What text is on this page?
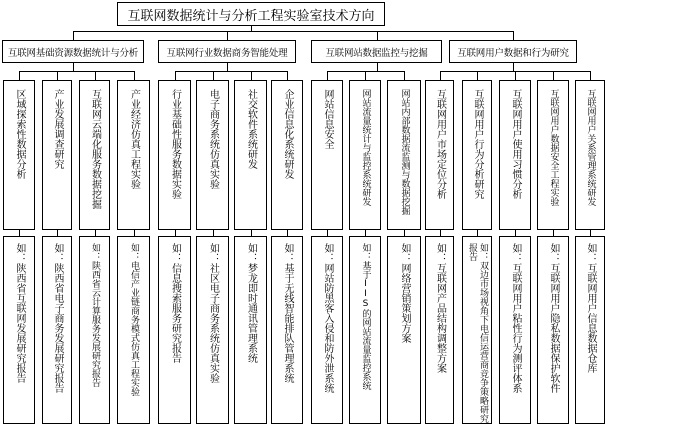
互联网数据统计与分析工程实验室技术方向
互联网基础资源数据统计与分析
区域探索性数据分析
如：陕西省互联网发展研究报告
产业发展调查研究
如：陕西省电子商务发展研究报告
互联网云端化服务数据挖掘
如：陕西省云计算服务发展研究报告
产业经济仿真工程实验
如：电信产业链商务模式仿真工程实验
互联网行业数据商务智能处理
行业基础性服务数据实验
如：信息搜索服务研究报告
电子商务系统仿真实验
如：社区电子商务系统仿真实验
社交软件系统研发
如：梦龙即时通讯管理系统
企业信息化系统研发
如：基于无线智能排队管理系统
互联网站数据监控与挖掘
网站信息安全
如：网站防黑客入侵和防外泄系统
网站流量统计与监控系统研发
如：基于IIS的网站流量监控系统
网站内部数据流监测与数据挖掘
如：网络营销策划方案
互联网用户数据和行为研究
互联网用户市场定位分析
如：互联网产品结构调整方案
互联网用户行为分析研究
如：双边市场视角下电信运营商竞争策略研究报告
互联网用户使用习惯分析
如：互联网用户粘性行为测评体系
互联网用户数据安全工程实验
如：互联网用户隐私数据保护软件
互联网用户关系管理系统研发
如：互联网用户信息数据仓库
